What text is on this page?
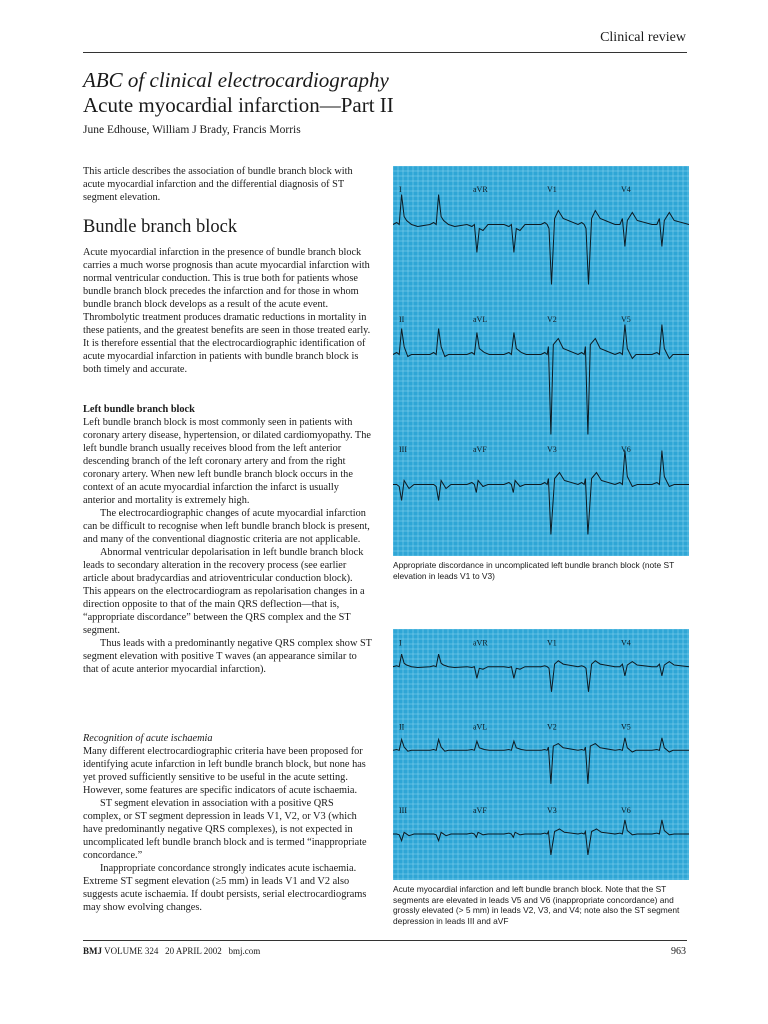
Clinical review
ABC of clinical electrocardiography
Acute myocardial infarction—Part II
June Edhouse, William J Brady, Francis Morris

This article describes the association of bundle branch block with acute myocardial infarction and the differential diagnosis of ST segment elevation.

Bundle branch block

Acute myocardial infarction in the presence of bundle branch block carries a much worse prognosis than acute myocardial infarction with normal ventricular conduction. This is true both for patients whose bundle branch block precedes the infarction and for those in whom bundle branch block develops as a result of the acute event. Thrombolytic treatment produces dramatic reductions in mortality in these patients, and the greatest benefits are seen in those treated early. It is therefore essential that the electrocardiographic identification of acute myocardial infarction in patients with bundle branch block is both timely and accurate.

Left bundle branch block

Left bundle branch block is most commonly seen in patients with coronary artery disease, hypertension, or dilated cardiomyopathy. The left bundle branch usually receives blood from the left anterior descending branch of the left coronary artery and from the right coronary artery. When new left bundle branch block occurs in the context of an acute myocardial infarction the infarct is usually anterior and mortality is extremely high.

The electrocardiographic changes of acute myocardial infarction can be difficult to recognise when left bundle branch block is present, and many of the conventional diagnostic criteria are not applicable.

Abnormal ventricular depolarisation in left bundle branch block leads to secondary alteration in the recovery process (see earlier article about bradycardias and atrioventricular conduction block). This appears on the electrocardiogram as repolarisation changes in a direction opposite to that of the main QRS deflection—that is, “appropriate discordance” between the QRS complex and the ST segment.

Thus leads with a predominantly negative QRS complex show ST segment elevation with positive T waves (an appearance similar to that of acute anterior myocardial infarction).

Recognition of acute ischaemia

Many different electrocardiographic criteria have been proposed for identifying acute infarction in left bundle branch block, but none has yet proved sufficiently sensitive to be useful in the acute setting. However, some features are specific indicators of acute ischaemia.

ST segment elevation in association with a positive QRS complex, or ST segment depression in leads V1, V2, or V3 (which have predominantly negative QRS complexes), is not expected in uncomplicated left bundle branch block and is termed “inappropriate concordance.”

Inappropriate concordance strongly indicates acute ischaemia. Extreme ST segment elevation (≥5 mm) in leads V1 and V2 also suggests acute ischaemia. If doubt persists, serial electrocardiograms may show evolving changes.

I	aVR	V1	V4
II	aVL	V2	V5
III	aVF	V3	V6
Appropriate discordance in uncomplicated left bundle branch block (note ST elevation in leads V1 to V3)
I	aVR	V1	V4
II	aVL	V2	V5
III	aVF	V3	V6
Acute myocardial infarction and left bundle branch block. Note that the ST segments are elevated in leads V5 and V6 (inappropriate concordance) and grossly elevated (> 5 mm) in leads V2, V3, and V4; note also the ST segment depression in leads III and aVF
BMJ VOLUME 324   20 APRIL 2002   bmj.com	963
